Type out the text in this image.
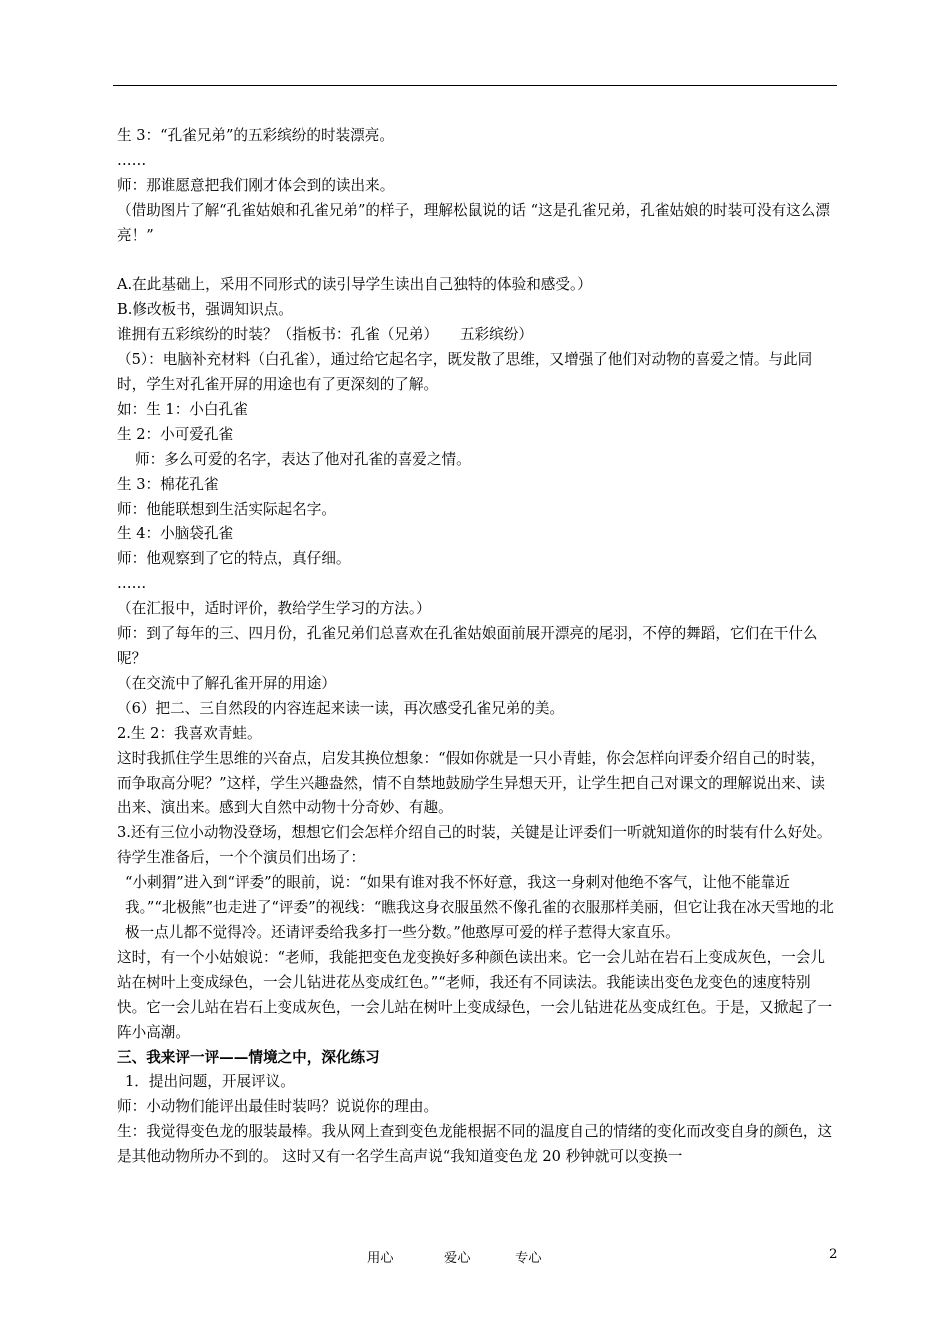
生 3：“孔雀兄弟”的五彩缤纷的时装漂亮。

……

师：那谁愿意把我们刚才体会到的读出来。

（借助图片了解“孔雀姑娘和孔雀兄弟”的样子，理解松鼠说的话 “这是孔雀兄弟，孔雀姑娘的时装可没有这么漂亮！”

A.在此基础上，采用不同形式的读引导学生读出自己独特的体验和感受。）

B.修改板书，强调知识点。

谁拥有五彩缤纷的时装？（指板书：孔雀（兄弟）　　五彩缤纷）

（5）：电脑补充材料（白孔雀），通过给它起名字，既发散了思维，又增强了他们对动物的喜爱之情。与此同时，学生对孔雀开屏的用途也有了更深刻的了解。

如：生 1：小白孔雀

生 2：小可爱孔雀

师：多么可爱的名字，表达了他对孔雀的喜爱之情。

生 3：棉花孔雀

师：他能联想到生活实际起名字。

生 4：小脑袋孔雀

师：他观察到了它的特点，真仔细。

……

（在汇报中，适时评价，教给学生学习的方法。）

师：到了每年的三、四月份，孔雀兄弟们总喜欢在孔雀姑娘面前展开漂亮的尾羽，不停的舞蹈，它们在干什么呢？

（在交流中了解孔雀开屏的用途）

（6）把二、三自然段的内容连起来读一读，再次感受孔雀兄弟的美。

2.生 2：我喜欢青蛙。

这时我抓住学生思维的兴奋点，启发其换位想象：“假如你就是一只小青蛙，你会怎样向评委介绍自己的时装，而争取高分呢？”这样，学生兴趣盎然，情不自禁地鼓励学生异想天开，让学生把自己对课文的理解说出来、读出来、演出来。感到大自然中动物十分奇妙、有趣。

3.还有三位小动物没登场，想想它们会怎样介绍自己的时装，关键是让评委们一听就知道你的时装有什么好处。

待学生准备后，一个个演员们出场了：

“小刺猬”进入到“评委”的眼前，说：“如果有谁对我不怀好意，我这一身刺对他绝不客气，让他不能靠近我。”“北极熊”也走进了“评委”的视线：“瞧我这身衣服虽然不像孔雀的衣服那样美丽，但它让我在冰天雪地的北极一点儿都不觉得冷。还请评委给我多打一些分数。”他憨厚可爱的样子惹得大家直乐。

这时，有一个小姑娘说：“老师，我能把变色龙变换好多种颜色读出来。它一会儿站在岩石上变成灰色，一会儿站在树叶上变成绿色，一会儿钻进花丛变成红色。”“老师，我还有不同读法。我能读出变色龙变色的速度特别快。它一会儿站在岩石上变成灰色，一会儿站在树叶上变成绿色，一会儿钻进花丛变成红色。于是，又掀起了一阵小高潮。

三、我来评一评——情境之中，深化练习

1．提出问题，开展评议。

师：小动物们能评出最佳时装吗？说说你的理由。

生：我觉得变色龙的服装最棒。我从网上查到变色龙能根据不同的温度自己的情绪的变化而改变自身的颜色，这是其他动物所办不到的。 这时又有一名学生高声说“我知道变色龙 20 秒钟就可以变换一

用心	爱心	专心	2
